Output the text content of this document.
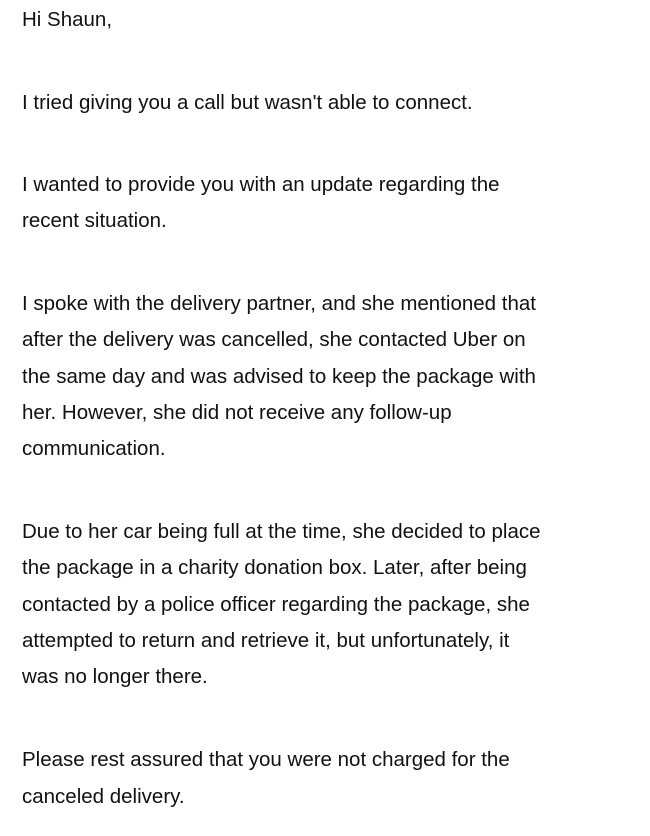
Hi Shaun,
I tried giving you a call but wasn't able to connect.
I wanted to provide you with an update regarding the
recent situation.
I spoke with the delivery partner, and she mentioned that
after the delivery was cancelled, she contacted Uber on
the same day and was advised to keep the package with
her. However, she did not receive any follow-up
communication.
Due to her car being full at the time, she decided to place
the package in a charity donation box. Later, after being
contacted by a police officer regarding the package, she
attempted to return and retrieve it, but unfortunately, it
was no longer there.
Please rest assured that you were not charged for the
canceled delivery.
